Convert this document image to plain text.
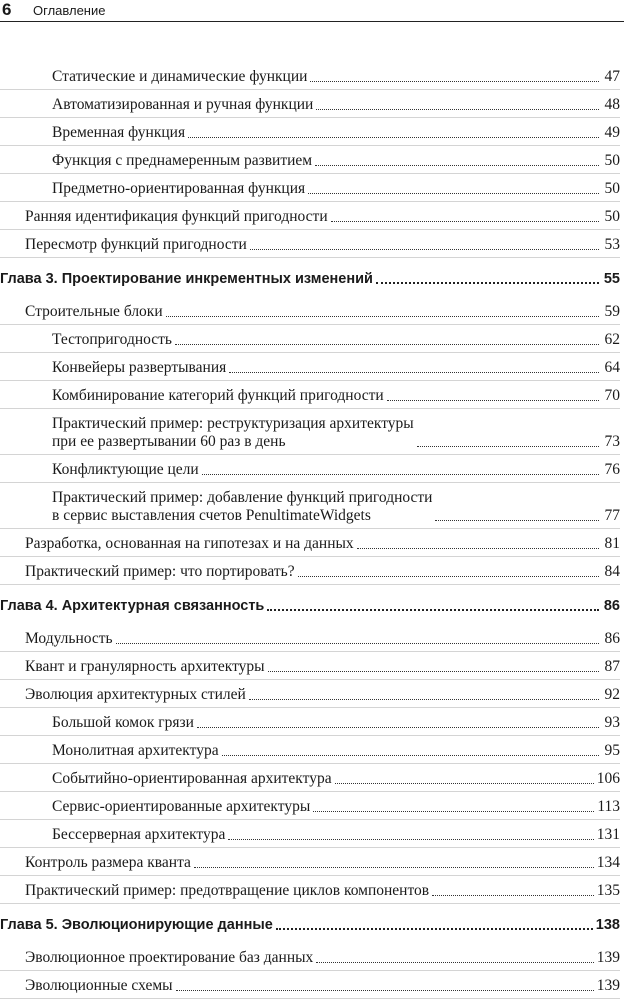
6 Оглавление
Статические и динамические функции	47
Автоматизированная и ручная функции	48
Временная функция	49
Функция с преднамеренным развитием	50
Предметно-ориентированная функция	50
Ранняя идентификация функций пригодности	50
Пересмотр функций пригодности	53
Глава 3. Проектирование инкрементных изменений	55
Строительные блоки	59
Тестопригодность	62
Конвейеры развертывания	64
Комбинирование категорий функций пригодности	70
Практический пример: реструктуризация архитектуры
при ее развертывании 60 раз в день	73
Конфликтующие цели	76
Практический пример: добавление функций пригодности
в сервис выставления счетов PenultimateWidgets	77
Разработка, основанная на гипотезах и на данных	81
Практический пример: что портировать?	84
Глава 4. Архитектурная связанность	86
Модульность	86
Квант и гранулярность архитектуры	87
Эволюция архитектурных стилей	92
Большой комок грязи	93
Монолитная архитектура	95
Событийно-ориентированная архитектура	106
Сервис-ориентированные архитектуры	113
Бессерверная архитектура	131
Контроль размера кванта	134
Практический пример: предотвращение циклов компонентов	135
Глава 5. Эволюционирующие данные	138
Эволюционное проектирование баз данных	139
Эволюционные схемы	139
